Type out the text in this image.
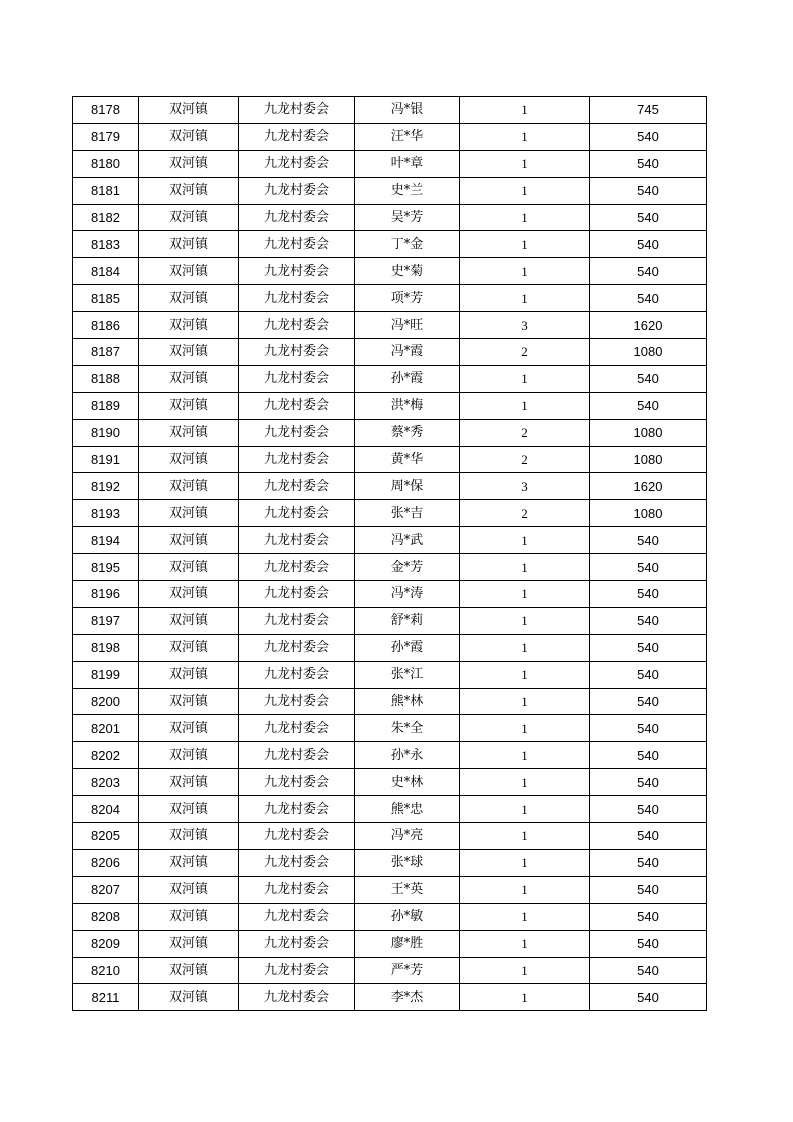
8178	双河镇	九龙村委会	冯*银	1	745
8179	双河镇	九龙村委会	汪*华	1	540
8180	双河镇	九龙村委会	叶*章	1	540
8181	双河镇	九龙村委会	史*兰	1	540
8182	双河镇	九龙村委会	吴*芳	1	540
8183	双河镇	九龙村委会	丁*金	1	540
8184	双河镇	九龙村委会	史*菊	1	540
8185	双河镇	九龙村委会	项*芳	1	540
8186	双河镇	九龙村委会	冯*旺	3	1620
8187	双河镇	九龙村委会	冯*霞	2	1080
8188	双河镇	九龙村委会	孙*霞	1	540
8189	双河镇	九龙村委会	洪*梅	1	540
8190	双河镇	九龙村委会	蔡*秀	2	1080
8191	双河镇	九龙村委会	黄*华	2	1080
8192	双河镇	九龙村委会	周*保	3	1620
8193	双河镇	九龙村委会	张*吉	2	1080
8194	双河镇	九龙村委会	冯*武	1	540
8195	双河镇	九龙村委会	金*芳	1	540
8196	双河镇	九龙村委会	冯*涛	1	540
8197	双河镇	九龙村委会	舒*莉	1	540
8198	双河镇	九龙村委会	孙*霞	1	540
8199	双河镇	九龙村委会	张*江	1	540
8200	双河镇	九龙村委会	熊*林	1	540
8201	双河镇	九龙村委会	朱*全	1	540
8202	双河镇	九龙村委会	孙*永	1	540
8203	双河镇	九龙村委会	史*林	1	540
8204	双河镇	九龙村委会	熊*忠	1	540
8205	双河镇	九龙村委会	冯*亮	1	540
8206	双河镇	九龙村委会	张*球	1	540
8207	双河镇	九龙村委会	王*英	1	540
8208	双河镇	九龙村委会	孙*敏	1	540
8209	双河镇	九龙村委会	廖*胜	1	540
8210	双河镇	九龙村委会	严*芳	1	540
8211	双河镇	九龙村委会	李*杰	1	540
